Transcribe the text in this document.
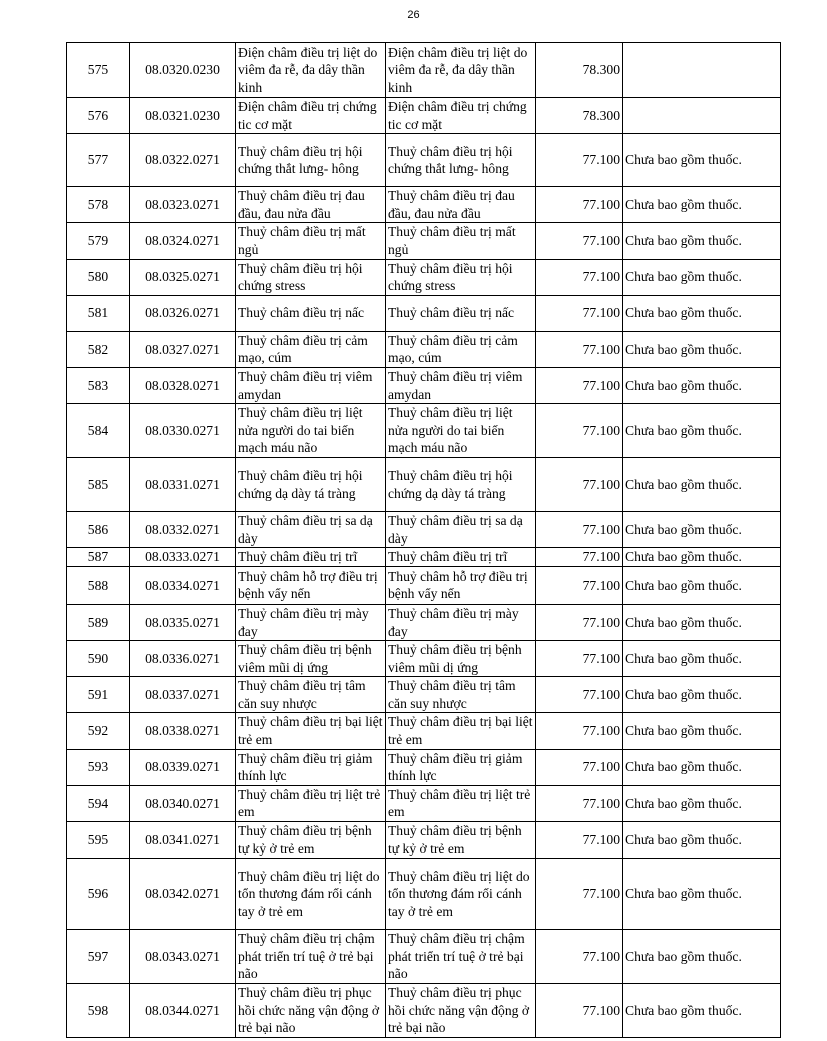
26
575	08.0320.0230	Điện châm điều trị liệt do viêm đa rễ, đa dây thần kinh	Điện châm điều trị liệt do viêm đa rễ, đa dây thần kinh	78.300	
576	08.0321.0230	Điện châm điều trị chứng tic cơ mặt	Điện châm điều trị chứng tic cơ mặt	78.300	
577	08.0322.0271	Thuỷ châm điều trị hội chứng thắt lưng- hông	Thuỷ châm điều trị hội chứng thắt lưng- hông	77.100	Chưa bao gồm thuốc.
578	08.0323.0271	Thuỷ châm điều trị đau đầu, đau nửa đầu	Thuỷ châm điều trị đau đầu, đau nửa đầu	77.100	Chưa bao gồm thuốc.
579	08.0324.0271	Thuỷ châm điều trị mất ngủ	Thuỷ châm điều trị mất ngủ	77.100	Chưa bao gồm thuốc.
580	08.0325.0271	Thuỷ châm điều trị hội chứng stress	Thuỷ châm điều trị hội chứng stress	77.100	Chưa bao gồm thuốc.
581	08.0326.0271	Thuỷ châm điều trị nấc	Thuỷ châm điều trị nấc	77.100	Chưa bao gồm thuốc.
582	08.0327.0271	Thuỷ châm điều trị cảm mạo, cúm	Thuỷ châm điều trị cảm mạo, cúm	77.100	Chưa bao gồm thuốc.
583	08.0328.0271	Thuỷ châm điều trị viêm amydan	Thuỷ châm điều trị viêm amydan	77.100	Chưa bao gồm thuốc.
584	08.0330.0271	Thuỷ châm điều trị liệt nửa người do tai biến mạch máu não	Thuỷ châm điều trị liệt nửa người do tai biến mạch máu não	77.100	Chưa bao gồm thuốc.
585	08.0331.0271	Thuỷ châm điều trị hội chứng dạ dày tá tràng	Thuỷ châm điều trị hội chứng dạ dày tá tràng	77.100	Chưa bao gồm thuốc.
586	08.0332.0271	Thuỷ châm điều trị sa dạ dày	Thuỷ châm điều trị sa dạ dày	77.100	Chưa bao gồm thuốc.
587	08.0333.0271	Thuỷ châm điều trị trĩ	Thuỷ châm điều trị trĩ	77.100	Chưa bao gồm thuốc.
588	08.0334.0271	Thuỷ châm hỗ trợ điều trị bệnh vẩy nến	Thuỷ châm hỗ trợ điều trị bệnh vẩy nến	77.100	Chưa bao gồm thuốc.
589	08.0335.0271	Thuỷ châm điều trị mày đay	Thuỷ châm điều trị mày đay	77.100	Chưa bao gồm thuốc.
590	08.0336.0271	Thuỷ châm điều trị bệnh viêm mũi dị ứng	Thuỷ châm điều trị bệnh viêm mũi dị ứng	77.100	Chưa bao gồm thuốc.
591	08.0337.0271	Thuỷ châm điều trị tâm căn suy nhược	Thuỷ châm điều trị tâm căn suy nhược	77.100	Chưa bao gồm thuốc.
592	08.0338.0271	Thuỷ châm điều trị bại liệt trẻ em	Thuỷ châm điều trị bại liệt trẻ em	77.100	Chưa bao gồm thuốc.
593	08.0339.0271	Thuỷ châm điều trị giảm thính lực	Thuỷ châm điều trị giảm thính lực	77.100	Chưa bao gồm thuốc.
594	08.0340.0271	Thuỷ châm điều trị liệt trẻ em	Thuỷ châm điều trị liệt trẻ em	77.100	Chưa bao gồm thuốc.
595	08.0341.0271	Thuỷ châm điều trị bệnh tự kỷ ở trẻ em	Thuỷ châm điều trị bệnh tự kỷ ở trẻ em	77.100	Chưa bao gồm thuốc.
596	08.0342.0271	Thuỷ châm điều trị liệt do tổn thương đám rối cánh tay ở trẻ em	Thuỷ châm điều trị liệt do tổn thương đám rối cánh tay ở trẻ em	77.100	Chưa bao gồm thuốc.
597	08.0343.0271	Thuỷ châm điều trị chậm phát triển trí tuệ ở trẻ bại não	Thuỷ châm điều trị chậm phát triển trí tuệ ở trẻ bại não	77.100	Chưa bao gồm thuốc.
598	08.0344.0271	Thuỷ châm điều trị phục hồi chức năng vận động ở trẻ bại não	Thuỷ châm điều trị phục hồi chức năng vận động ở trẻ bại não	77.100	Chưa bao gồm thuốc.
